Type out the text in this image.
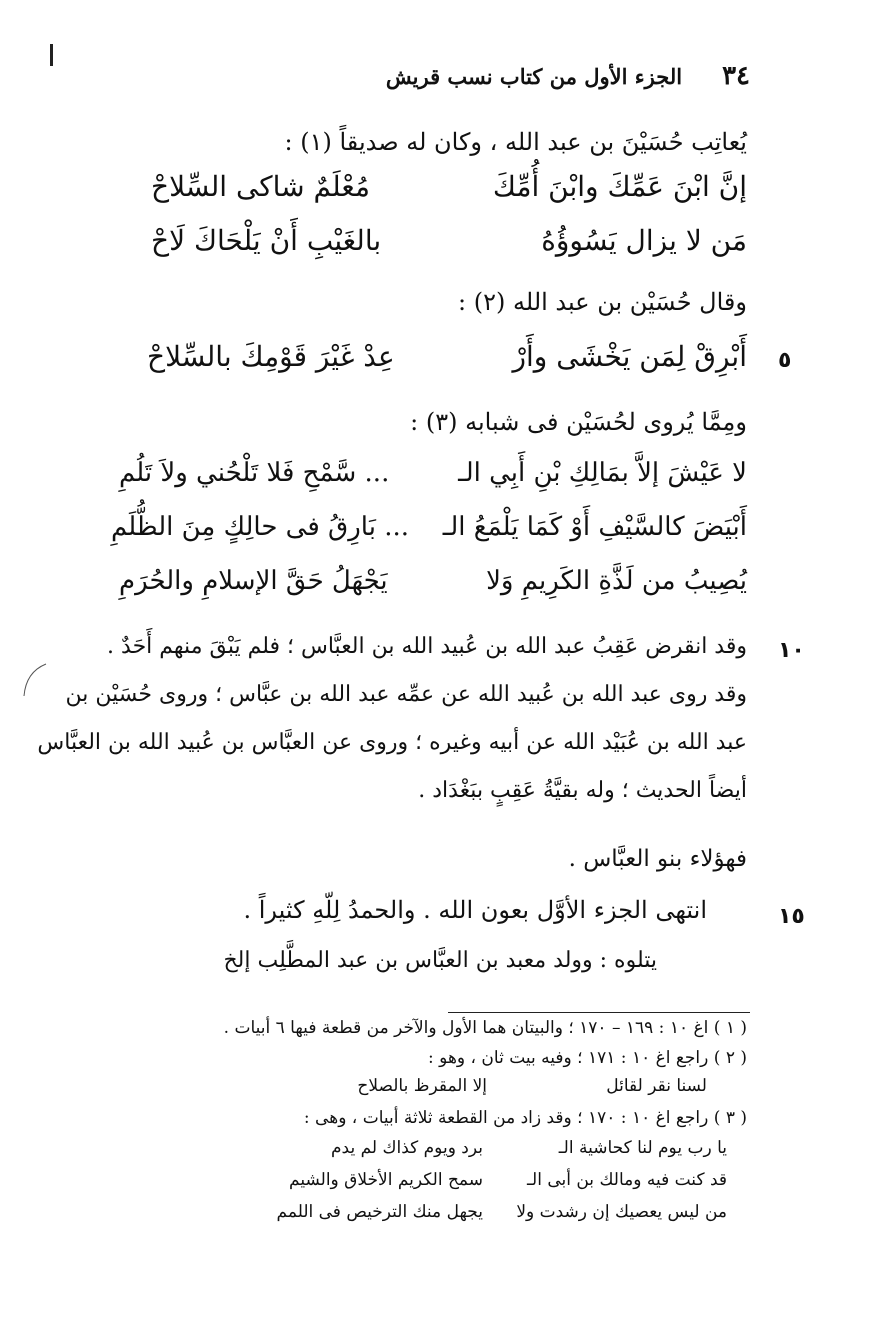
٣٤
الجزء الأول من كتاب نسب قريش
يُعاتِب حُسَيْنَ بن عبد الله ، وكان له صديقاً (١) :
إنَّ ابْنَ عَمِّكَ وابْنَ أُمِّكَ
مُعْلَمٌ شاكى السِّلاحْ
مَن لا يزال يَسُوؤُهُ
بالغَيْبِ أَنْ يَلْحَاكَ لَاحْ
وقال حُسَيْن بن عبد الله (٢) :
أَبْرِقْ لِمَن يَخْشَى وأَرْ
عِدْ غَيْرَ قَوْمِكَ بالسِّلاحْ	٥
ومِمَّا يُروى لحُسَيْن فى شبابه (٣) :
لا عَيْشَ إلاَّ بمَالِكِ بْنِ أَبِي الـ
... سَّمْحِ فَلا تَلْحُني ولاَ تَلُمِ
أَبْيَضَ كالسَّيْفِ أَوْ كَمَا يَلْمَعُ الـ
... بَارِقُ فى حالِكٍ مِنَ الظُّلَمِ
يُصِيبُ من لَذَّةِ الكَرِيمِ وَلا
يَجْهَلُ حَقَّ الإسلامِ والحُرَمِ
وقد انقرض عَقِبُ عبد الله بن عُبيد الله بن العبَّاس ؛ فلم يَبْقَ منهم أَحَدٌ . ١٠
وقد روى عبد الله بن عُبيد الله عن عمِّه عبد الله بن عبَّاس ؛ وروى حُسَيْن بن
عبد الله بن عُبَيْد الله عن أبيه وغيره ؛ وروى عن العبَّاس بن عُبيد الله بن العبَّاس
أيضاً الحديث ؛ وله بقيَّةُ عَقِبٍ ببَغْدَاد .
فهؤلاء بنو العبَّاس .
انتهى الجزء الأوَّل بعون الله . والحمدُ لِلّهِ كثيراً .	١٥
يتلوه : وولد معبد بن العبَّاس بن عبد المطَّلِب إلخ
( ١ ) اغ ١٠ : ١٦٩ – ١٧٠ ؛ والبيتان هما الأول والآخر من قطعة فيها ٦ أبيات .
( ٢ ) راجع اغ ١٠ : ١٧١ ؛ وفيه بيت ثان ، وهو :
لسنا نقر لقائل
إلا المقرظ بالصلاح
( ٣ ) راجع اغ ١٠ : ١٧٠ ؛ وقد زاد من القطعة ثلاثة أبيات ، وهى :
يا رب يوم لنا كحاشية الـ
برد ويوم كذاك لم يدم
قد كنت فيه ومالك بن أبى الـ
سمح الكريم الأخلاق والشيم
من ليس يعصيك إن رشدت ولا
يجهل منك الترخيص فى اللمم
